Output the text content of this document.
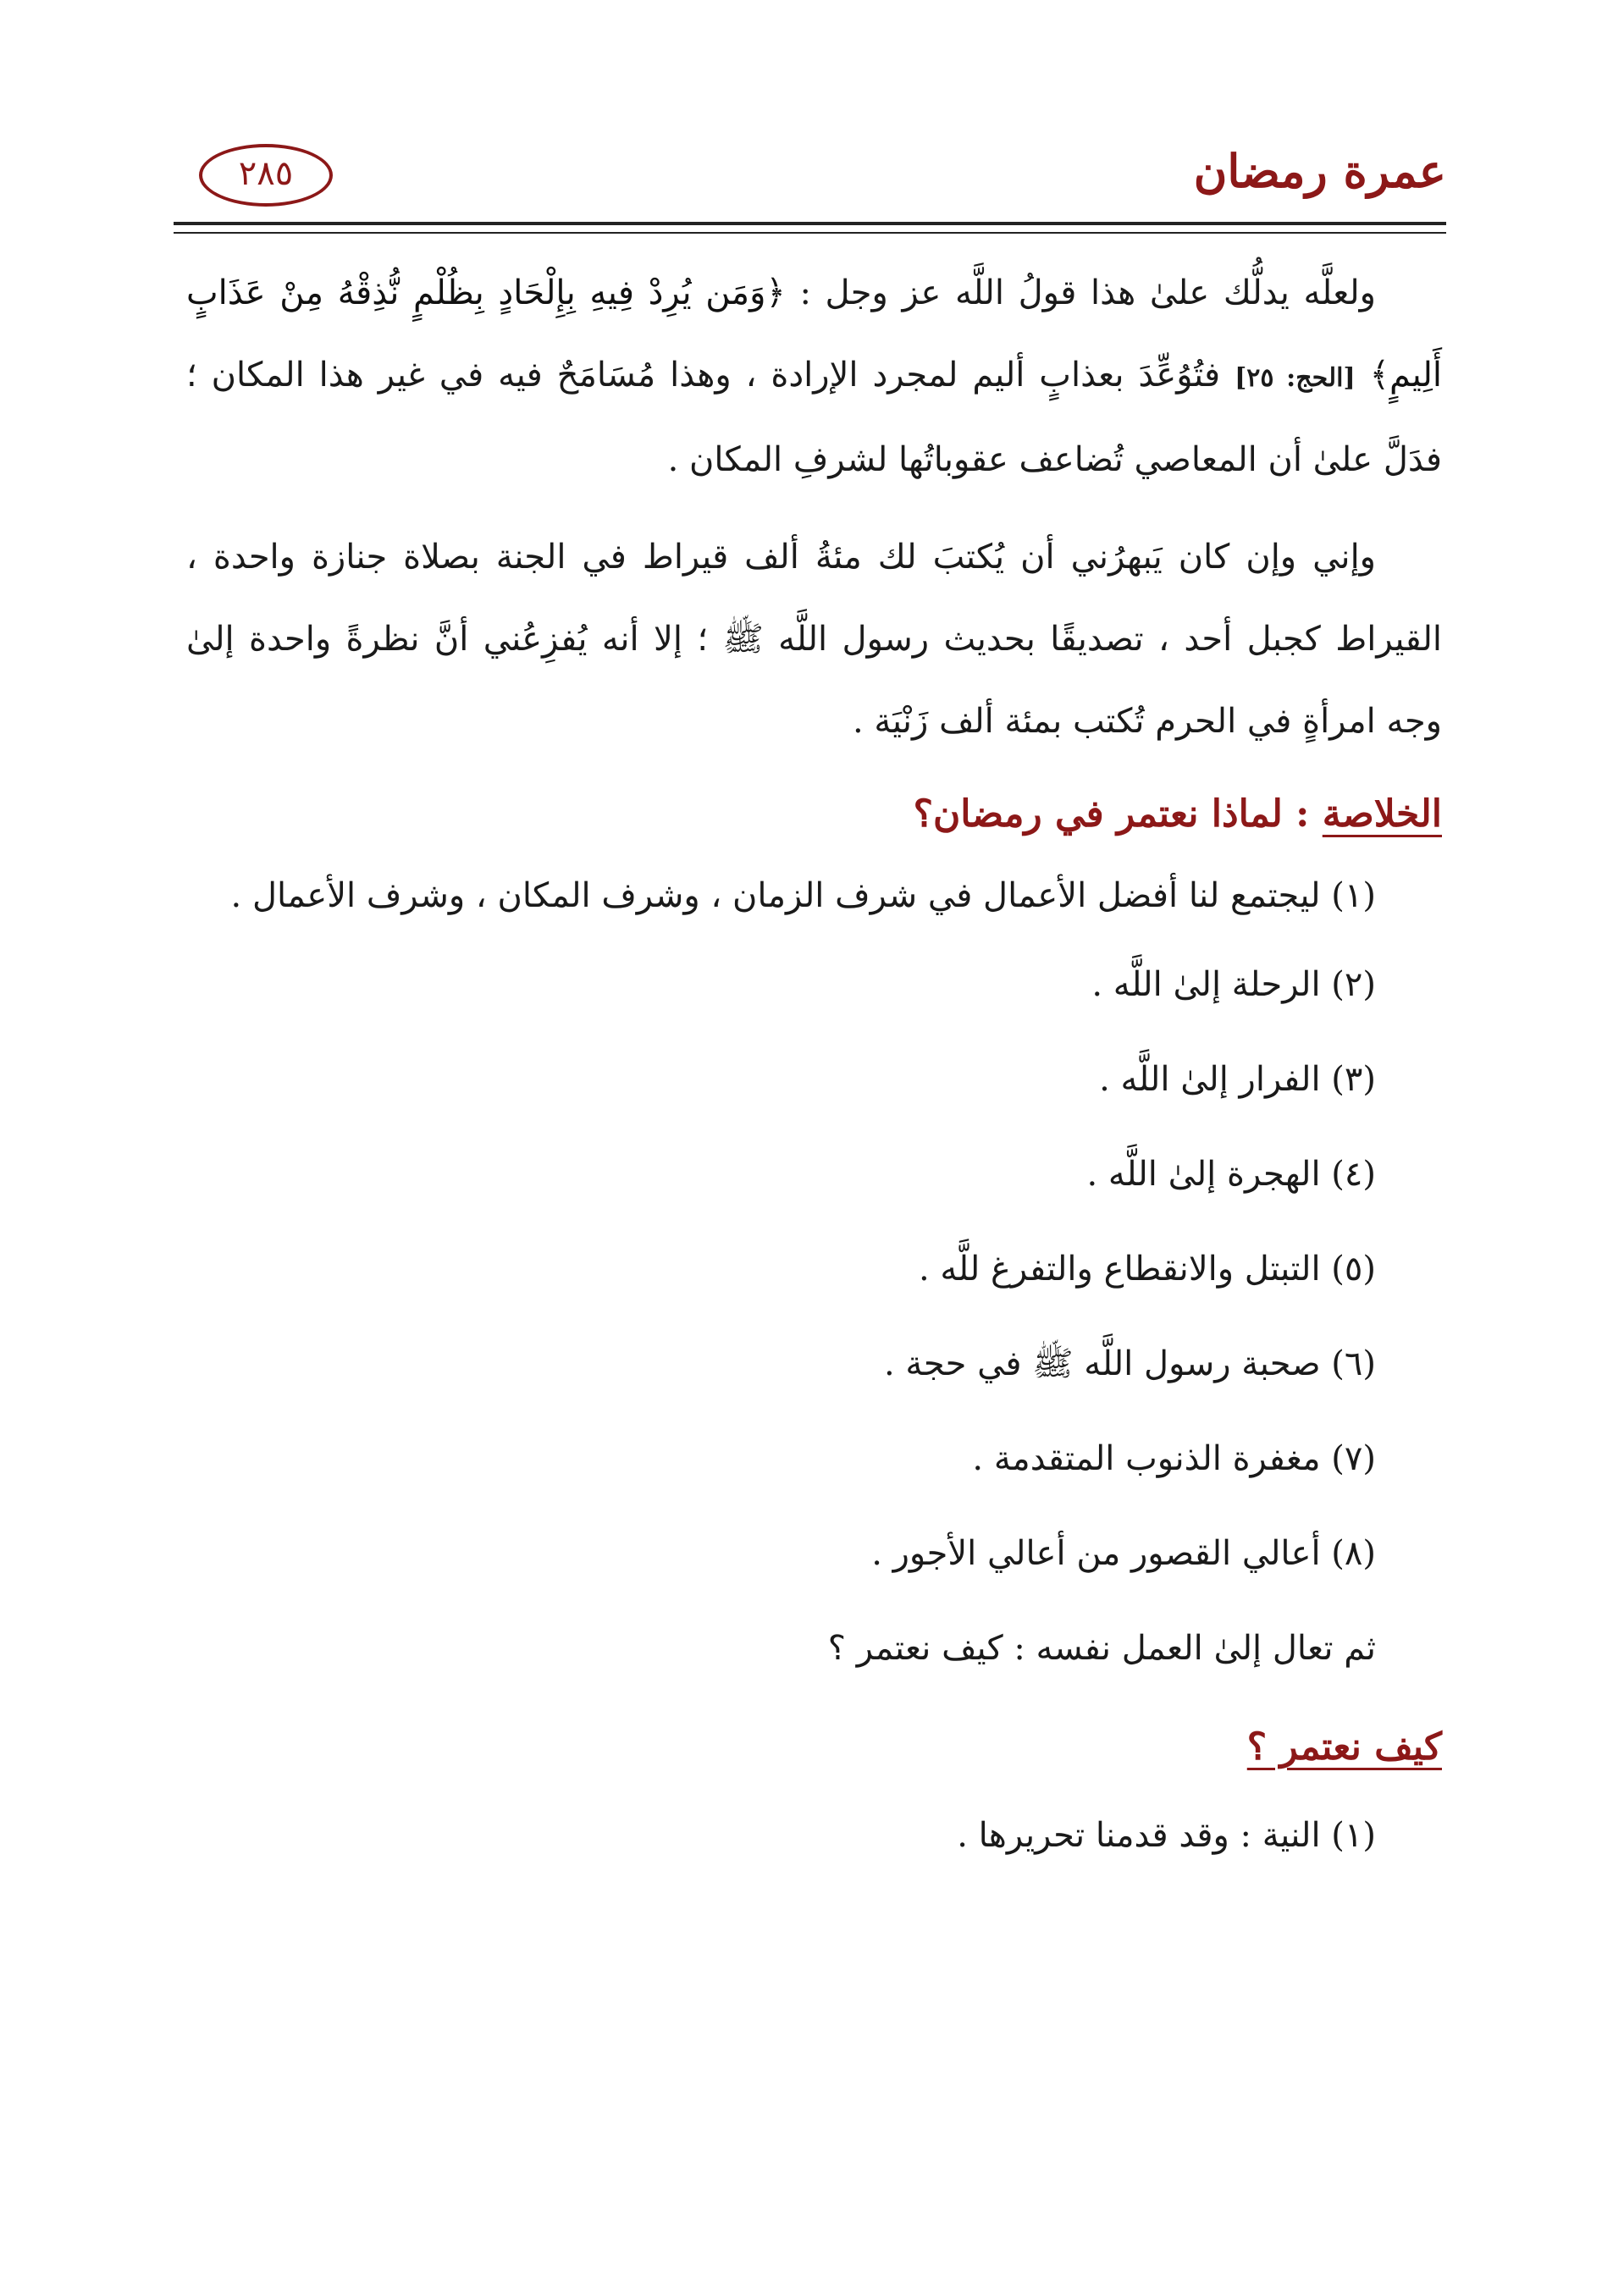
عمرة رمضان
٢٨٥

ولعلَّه يدلُّك علىٰ هذا قولُ اللَّه عز وجل : ﴿وَمَن يُرِدْ فِيهِ بِإِلْحَادٍ بِظُلْمٍ نُّذِقْهُ مِنْ عَذَابٍ أَلِيمٍ﴾ [الحج: ٢٥] فتُوُعِّدَ بعذابٍ أليم لمجرد الإرادة ، وهذا مُسَامَحٌ فيه في غير هذا المكان ؛ فدَلَّ علىٰ أن المعاصي تُضاعف عقوباتُها لشرفِ المكان .

وإني وإن كان يَبهرُني أن يُكتبَ لك مئةُ ألف قيراط في الجنة بصلاة جنازة واحدة ، القيراط كجبل أحد ، تصديقًا بحديث رسول اللَّه ﷺ ؛ إلا أنه يُفزِعُني أنَّ نظرةً واحدة إلىٰ وجه امرأةٍ في الحرم تُكتب بمئة ألف زَنْيَة .

الخلاصة : لماذا نعتمر في رمضان؟

(١) ليجتمع لنا أفضل الأعمال في شرف الزمان ، وشرف المكان ، وشرف الأعمال .

(٢) الرحلة إلىٰ اللَّه .

(٣) الفرار إلىٰ اللَّه .

(٤) الهجرة إلىٰ اللَّه .

(٥) التبتل والانقطاع والتفرغ للَّه .

(٦) صحبة رسول اللَّه ﷺ في حجة .

(٧) مغفرة الذنوب المتقدمة .

(٨) أعالي القصور من أعالي الأجور .

ثم تعال إلىٰ العمل نفسه : كيف نعتمر ؟

كيف نعتمر ؟

(١) النية : وقد قدمنا تحريرها .
